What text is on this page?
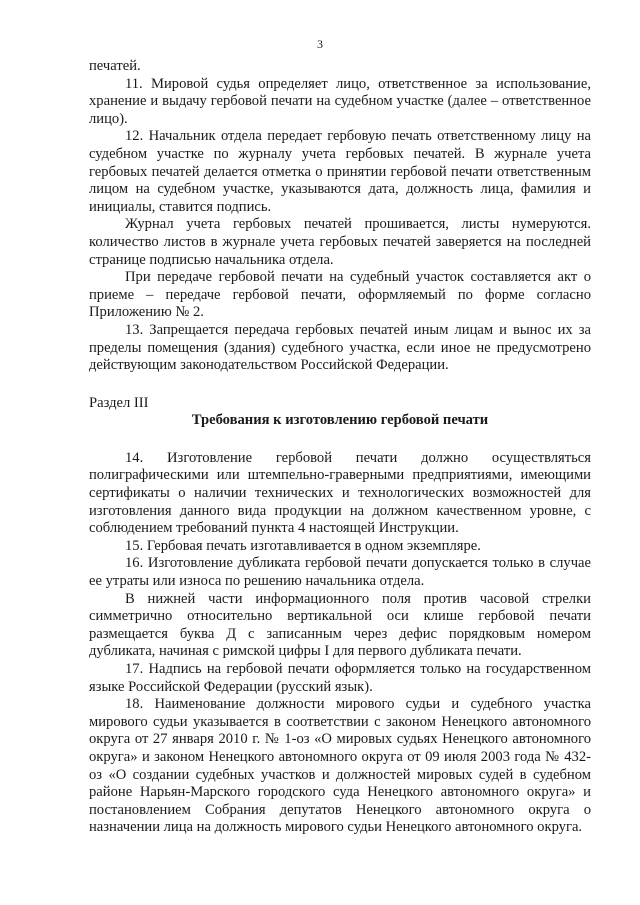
3

печатей.

11. Мировой судья определяет лицо, ответственное за использование, хранение и выдачу гербовой печати на судебном участке (далее – ответственное лицо).

12. Начальник отдела передает гербовую печать ответственному лицу на судебном участке по журналу учета гербовых печатей. В журнале учета гербовых печатей делается отметка о принятии гербовой печати ответственным лицом на судебном участке, указываются дата, должность лица, фамилия и инициалы, ставится подпись.

Журнал учета гербовых печатей прошивается, листы нумеруются. количество листов в журнале учета гербовых печатей заверяется на последней странице подписью начальника отдела.

При передаче гербовой печати на судебный участок составляется акт о приеме – передаче гербовой печати, оформляемый по форме согласно Приложению № 2.

13. Запрещается передача гербовых печатей иным лицам и вынос их за пределы помещения (здания) судебного участка, если иное не предусмотрено действующим законодательством Российской Федерации.

Раздел III

Требования к изготовлению гербовой печати

14. Изготовление гербовой печати должно осуществляться полиграфическими или штемпельно-граверными предприятиями, имеющими сертификаты о наличии технических и технологических возможностей для изготовления данного вида продукции на должном качественном уровне, с соблюдением требований пункта 4 настоящей Инструкции.

15. Гербовая печать изготавливается в одном экземпляре.

16. Изготовление дубликата гербовой печати допускается только в случае ее утраты или износа по решению начальника отдела.

В нижней части информационного поля против часовой стрелки симметрично относительно вертикальной оси клише гербовой печати размещается буква Д с записанным через дефис порядковым номером дубликата, начиная с римской цифры I для первого дубликата печати.

17. Надпись на гербовой печати оформляется только на государственном языке Российской Федерации (русский язык).

18. Наименование должности мирового судьи и судебного участка мирового судьи указывается в соответствии с законом Ненецкого автономного округа от 27 января 2010 г. № 1-оз «О мировых судьях Ненецкого автономного округа» и законом Ненецкого автономного округа от 09 июля 2003 года № 432-оз «О создании судебных участков и должностей мировых судей в судебном районе Нарьян-Марского городского суда Ненецкого автономного округа» и постановлением Собрания депутатов Ненецкого автономного округа о назначении лица на должность мирового судьи Ненецкого автономного округа.
